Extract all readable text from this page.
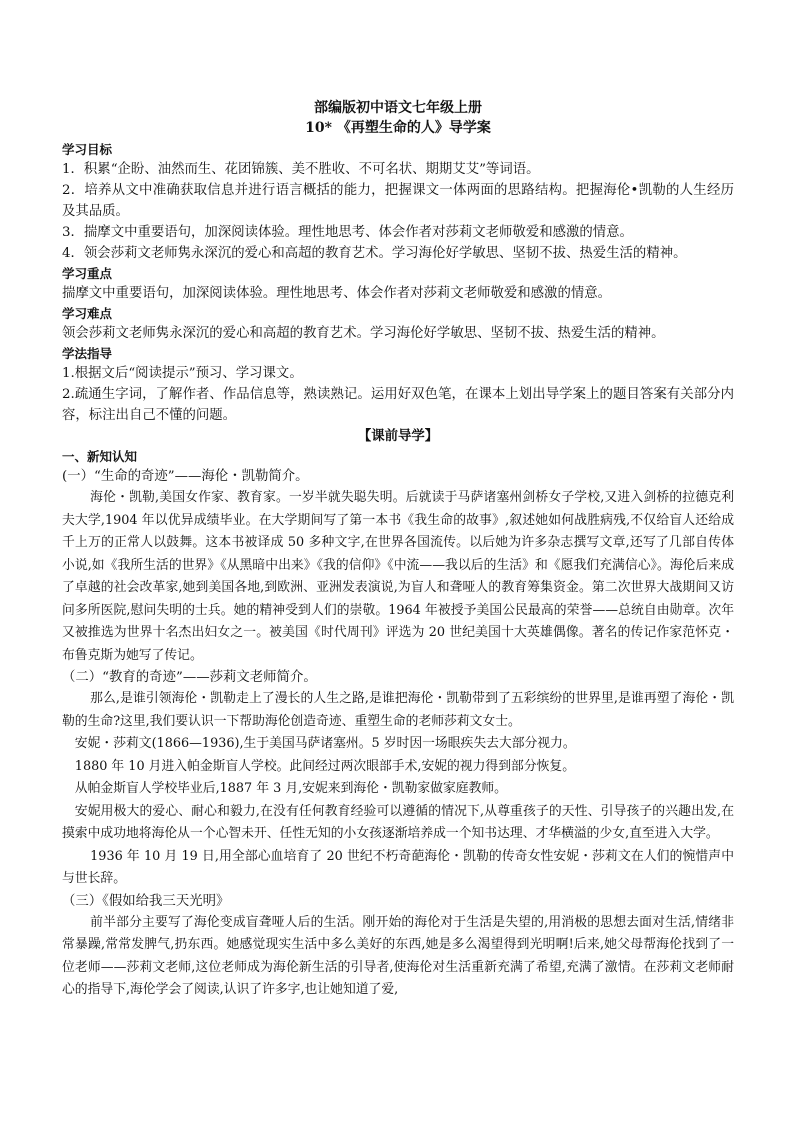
部编版初中语文七年级上册
10* 《再塑生命的人》导学案
学习目标

1．积累“企盼、油然而生、花团锦簇、美不胜收、不可名状、期期艾艾”等词语。

2．培养从文中准确获取信息并进行语言概括的能力，把握课文一体两面的思路结构。把握海伦•凯勒的人生经历及其品质。

3．揣摩文中重要语句，加深阅读体验。理性地思考、体会作者对莎莉文老师敬爱和感激的情意。

4．领会莎莉文老师隽永深沉的爱心和高超的教育艺术。学习海伦好学敏思、坚韧不拔、热爱生活的精神。

学习重点

揣摩文中重要语句，加深阅读体验。理性地思考、体会作者对莎莉文老师敬爱和感激的情意。

学习难点

领会莎莉文老师隽永深沉的爱心和高超的教育艺术。学习海伦好学敏思、坚韧不拔、热爱生活的精神。

学法指导

1.根据文后“阅读提示”预习、学习课文。

2.疏通生字词，了解作者、作品信息等，熟读熟记。运用好双色笔，在课本上划出导学案上的题目答案有关部分内容，标注出自己不懂的问题。

【课前导学】
一、新知认知
(一）“生命的奇迹”——海伦・凯勒简介。

海伦・凯勒,美国女作家、教育家。一岁半就失聪失明。后就读于马萨诸塞州剑桥女子学校,又进入剑桥的拉德克利夫大学,1904 年以优异成绩毕业。在大学期间写了第一本书《我生命的故事》,叙述她如何战胜病残,不仅给盲人还给成千上万的正常人以鼓舞。这本书被译成 50 多种文字,在世界各国流传。以后她为许多杂志撰写文章,还写了几部自传体小说,如《我所生活的世界》《从黑暗中出来》《我的信仰》《中流——我以后的生活》和《愿我们充满信心》。海伦后来成了卓越的社会改革家,她到美国各地,到欧洲、亚洲发表演说,为盲人和聋哑人的教育筹集资金。第二次世界大战期间又访问多所医院,慰问失明的士兵。她的精神受到人们的崇敬。1964 年被授予美国公民最高的荣誉——总统自由勋章。次年又被推选为世界十名杰出妇女之一。被美国《时代周刊》评选为 20 世纪美国十大英雄偶像。著名的传记作家范怀克・布鲁克斯为她写了传记。

（二）“教育的奇迹”——莎莉文老师简介。

那么,是谁引领海伦・凯勒走上了漫长的人生之路,是谁把海伦・凯勒带到了五彩缤纷的世界里,是谁再塑了海伦・凯勒的生命?这里,我们要认识一下帮助海伦创造奇迹、重塑生命的老师莎莉文女士。

安妮・莎莉文(1866—1936),生于美国马萨诸塞州。5 岁时因一场眼疾失去大部分视力。

1880 年 10 月进入帕金斯盲人学校。此间经过两次眼部手术,安妮的视力得到部分恢复。

从帕金斯盲人学校毕业后,1887 年 3 月,安妮来到海伦・凯勒家做家庭教师。

安妮用极大的爱心、耐心和毅力,在没有任何教育经验可以遵循的情况下,从尊重孩子的天性、引导孩子的兴趣出发,在摸索中成功地将海伦从一个心智未开、任性无知的小女孩逐渐培养成一个知书达理、才华横溢的少女,直至进入大学。

1936 年 10 月 19 日,用全部心血培育了 20 世纪不朽奇葩海伦・凯勒的传奇女性安妮・莎莉文在人们的惋惜声中与世长辞。

（三）《假如给我三天光明》

前半部分主要写了海伦变成盲聋哑人后的生活。刚开始的海伦对于生活是失望的,用消极的思想去面对生活,情绪非常暴躁,常常发脾气,扔东西。她感觉现实生活中多么美好的东西,她是多么渴望得到光明啊!后来,她父母帮海伦找到了一位老师——莎莉文老师,这位老师成为海伦新生活的引导者,使海伦对生活重新充满了希望,充满了激情。在莎莉文老师耐心的指导下,海伦学会了阅读,认识了许多字,也让她知道了爱,
